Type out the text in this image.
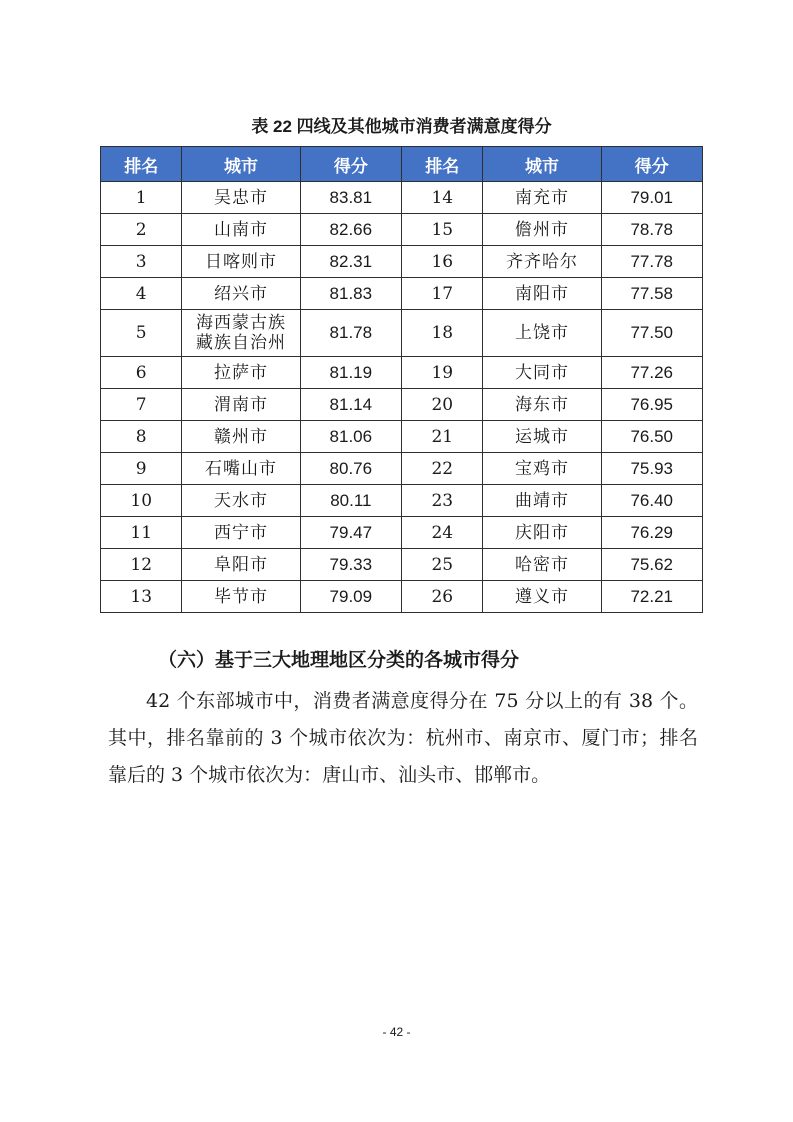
表 22 四线及其他城市消费者满意度得分
排名	城市	得分	排名	城市	得分
1	吴忠市	83.81	14	南充市	79.01
2	山南市	82.66	15	儋州市	78.78
3	日喀则市	82.31	16	齐齐哈尔	77.78
4	绍兴市	81.83	17	南阳市	77.58
5	海西蒙古族藏族自治州	81.78	18	上饶市	77.50
6	拉萨市	81.19	19	大同市	77.26
7	渭南市	81.14	20	海东市	76.95
8	赣州市	81.06	21	运城市	76.50
9	石嘴山市	80.76	22	宝鸡市	75.93
10	天水市	80.11	23	曲靖市	76.40
11	西宁市	79.47	24	庆阳市	76.29
12	阜阳市	79.33	25	哈密市	75.62
13	毕节市	79.09	26	遵义市	72.21
（六）基于三大地理地区分类的各城市得分
42 个东部城市中，消费者满意度得分在 75 分以上的有 38 个。其中，排名靠前的 3 个城市依次为：杭州市、南京市、厦门市；排名靠后的 3 个城市依次为：唐山市、汕头市、邯郸市。
- 42 -
